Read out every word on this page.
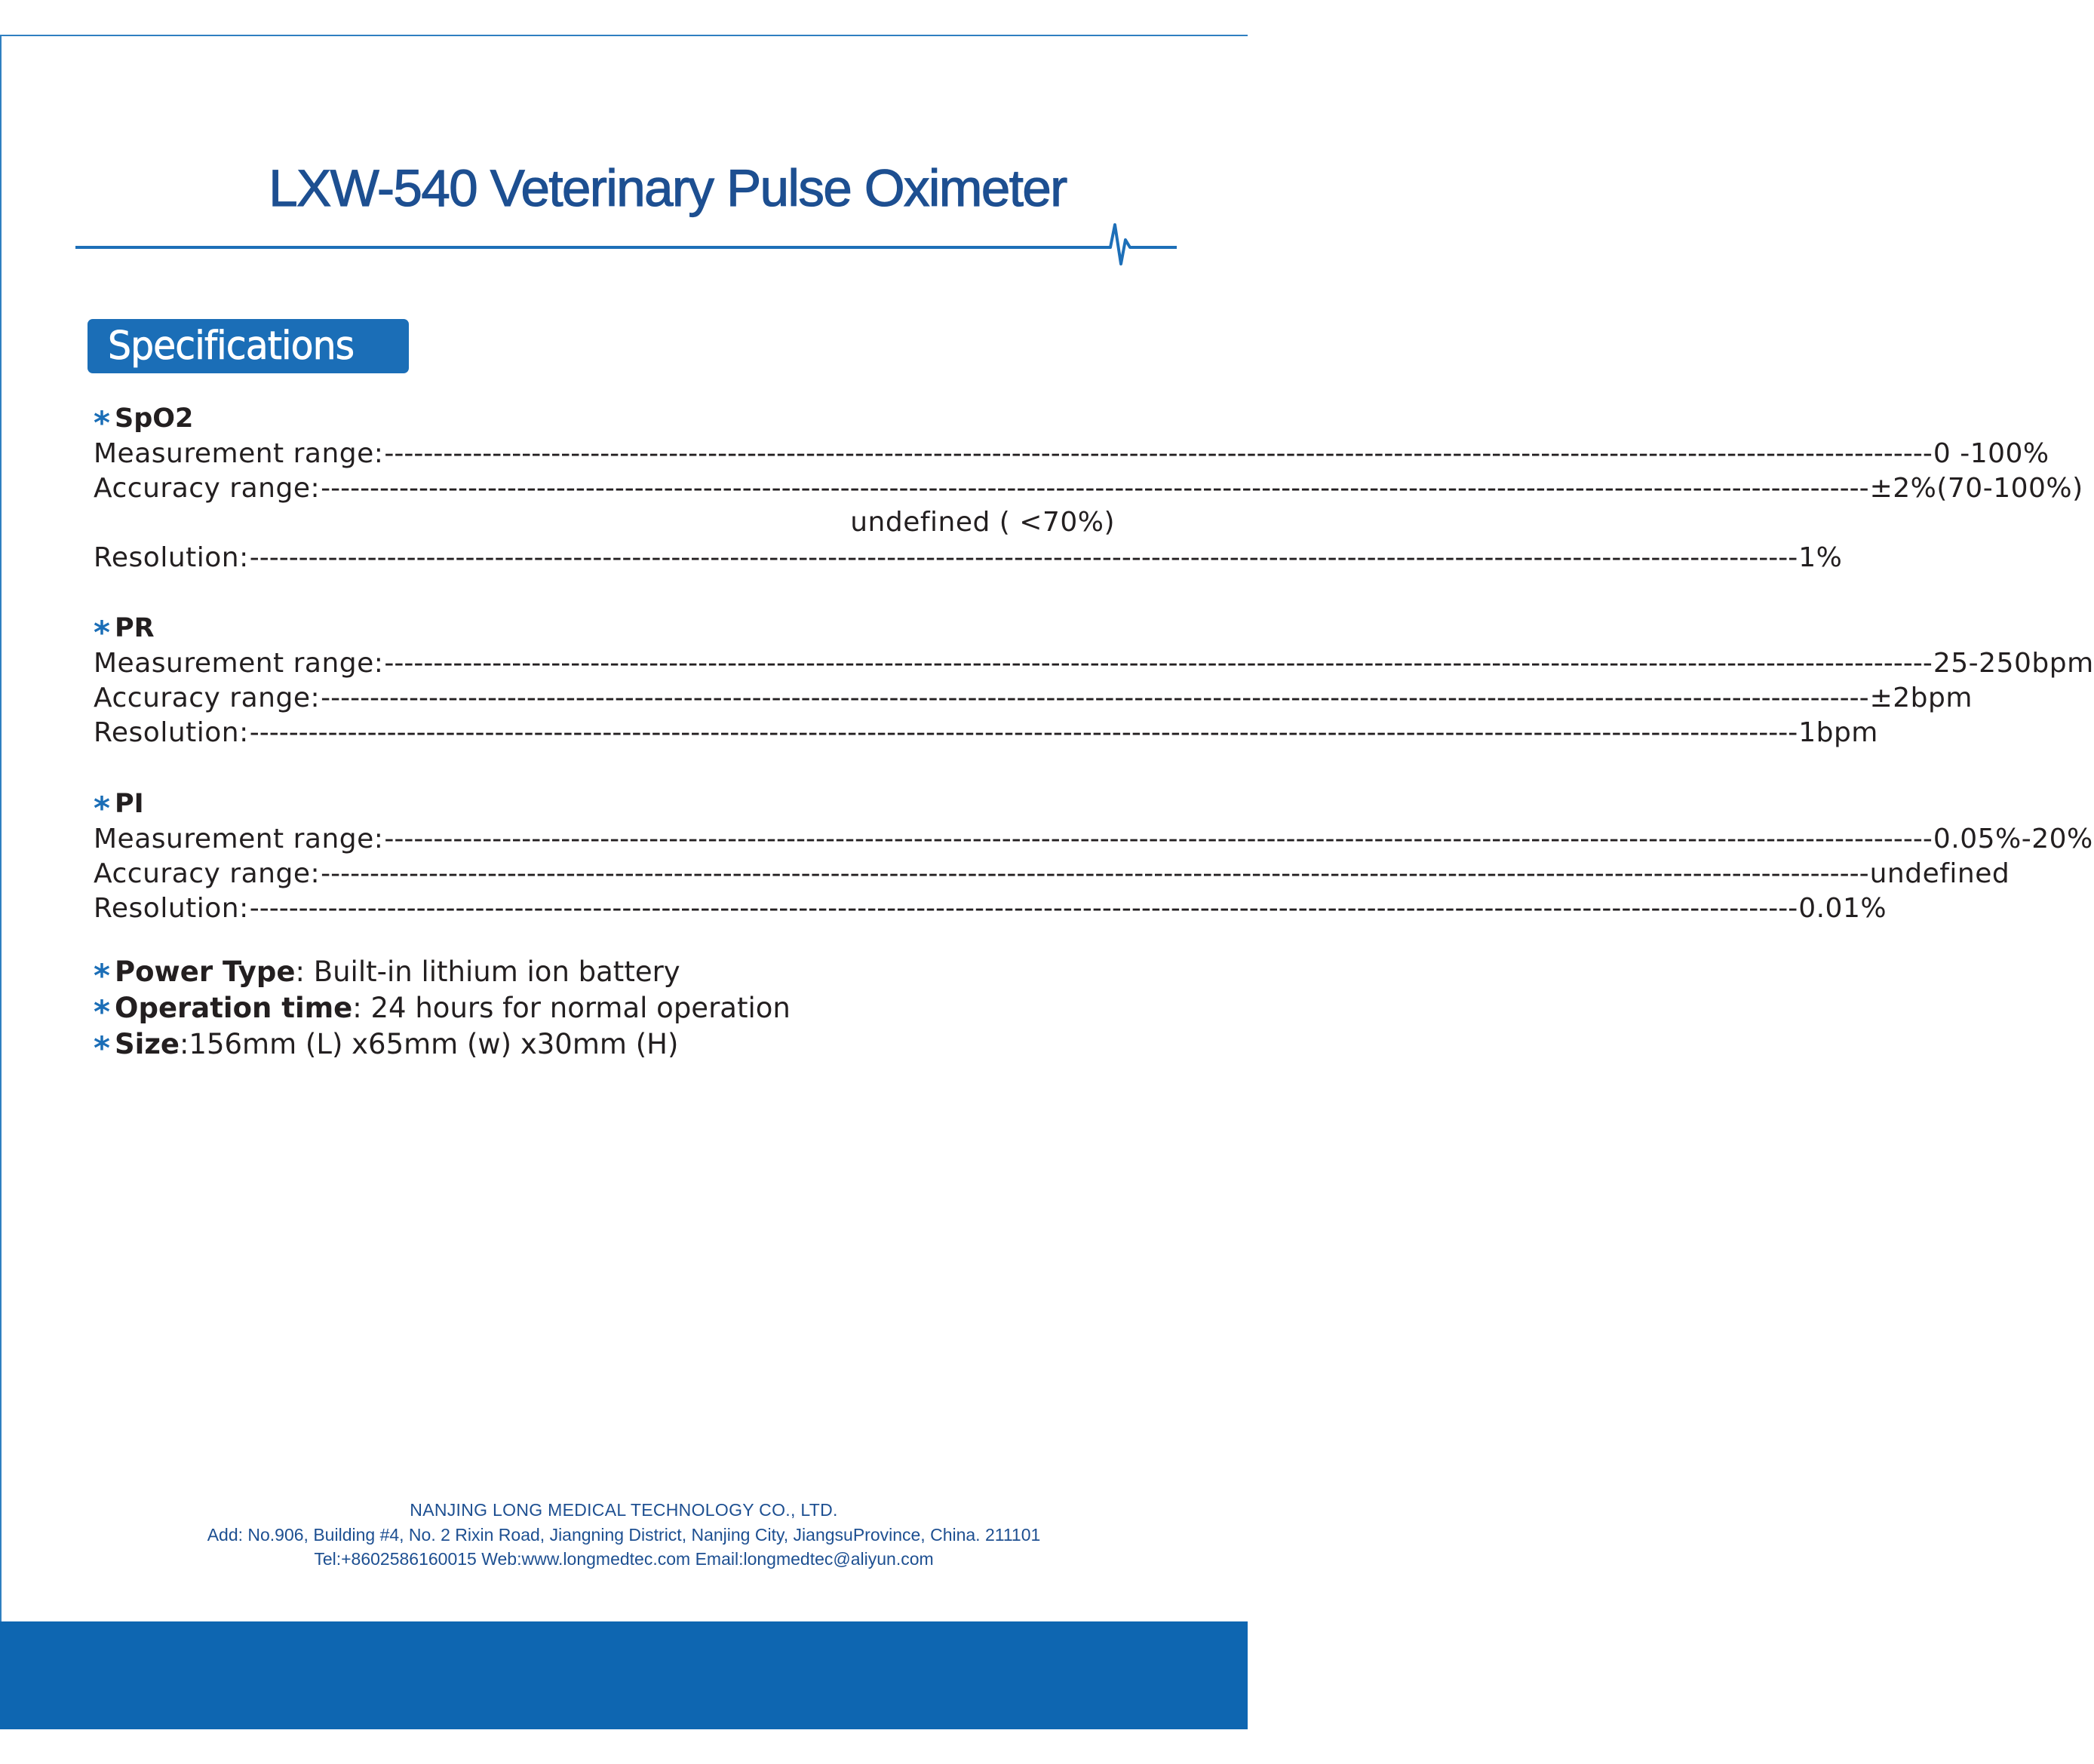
LXW-540 Veterinary Pulse Oximeter
Specifications
* SpO2
Measurement range: -------------------------------------------------------------------------------------------------------------------------------------------------------------- 0 -100%
Accuracy range: -------------------------------------------------------------------------------------------------------------------------------------------------------------- ±2%(70-100%)
undefined ( <70%)
Resolution: -------------------------------------------------------------------------------------------------------------------------------------------------------------- 1%
* PR
Measurement range: -------------------------------------------------------------------------------------------------------------------------------------------------------------- 25-250bpm
Accuracy range: -------------------------------------------------------------------------------------------------------------------------------------------------------------- ±2bpm
Resolution: -------------------------------------------------------------------------------------------------------------------------------------------------------------- 1bpm
* PI
Measurement range: -------------------------------------------------------------------------------------------------------------------------------------------------------------- 0.05%-20%
Accuracy range: -------------------------------------------------------------------------------------------------------------------------------------------------------------- undefined
Resolution: -------------------------------------------------------------------------------------------------------------------------------------------------------------- 0.01%
* Power Type : Built-in lithium ion battery
* Operation time : 24 hours for normal operation
* Size :156mm (L) x65mm (w) x30mm (H)
NANJING LONG MEDICAL TECHNOLOGY CO., LTD.
Add: No.906, Building #4, No. 2 Rixin Road, Jiangning District, Nanjing City, JiangsuProvince, China. 211101
Tel:+8602586160015 Web:www.longmedtec.com Email:longmedtec@aliyun.com
